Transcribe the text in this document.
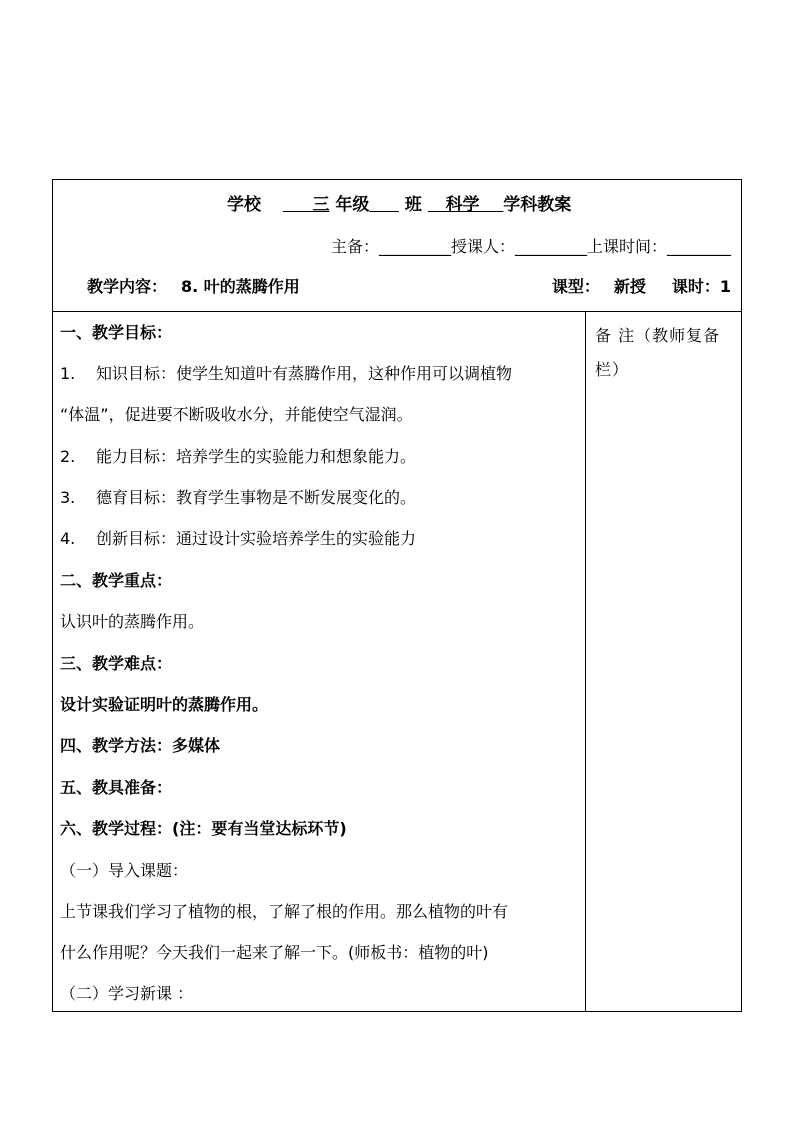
学校	三 年级 班 科学 学科教案
主备：_________授课人：_________上课时间：________
教学内容： 8. 叶的蒸腾作用	课型： 新授 课时：1
一、教学目标：
1. 知识目标：使学生知道叶有蒸腾作用，这种作用可以调植物
“体温”，促进要不断吸收水分，并能使空气湿润。
2. 能力目标：培养学生的实验能力和想象能力。
3. 德育目标：教育学生事物是不断发展变化的。
4. 创新目标：通过设计实验培养学生的实验能力
二、教学重点：
认识叶的蒸腾作用。
三、教学难点：
设计实验证明叶的蒸腾作用。
四、教学方法：多媒体
五、教具准备：
六、教学过程：(注：要有当堂达标环节)
（一）导入课题：
上节课我们学习了植物的根，了解了根的作用。那么植物的叶有
什么作用呢？今天我们一起来了解一下。(师板书：植物的叶)
（二）学习新课 ：
备 注（教师复备栏）
